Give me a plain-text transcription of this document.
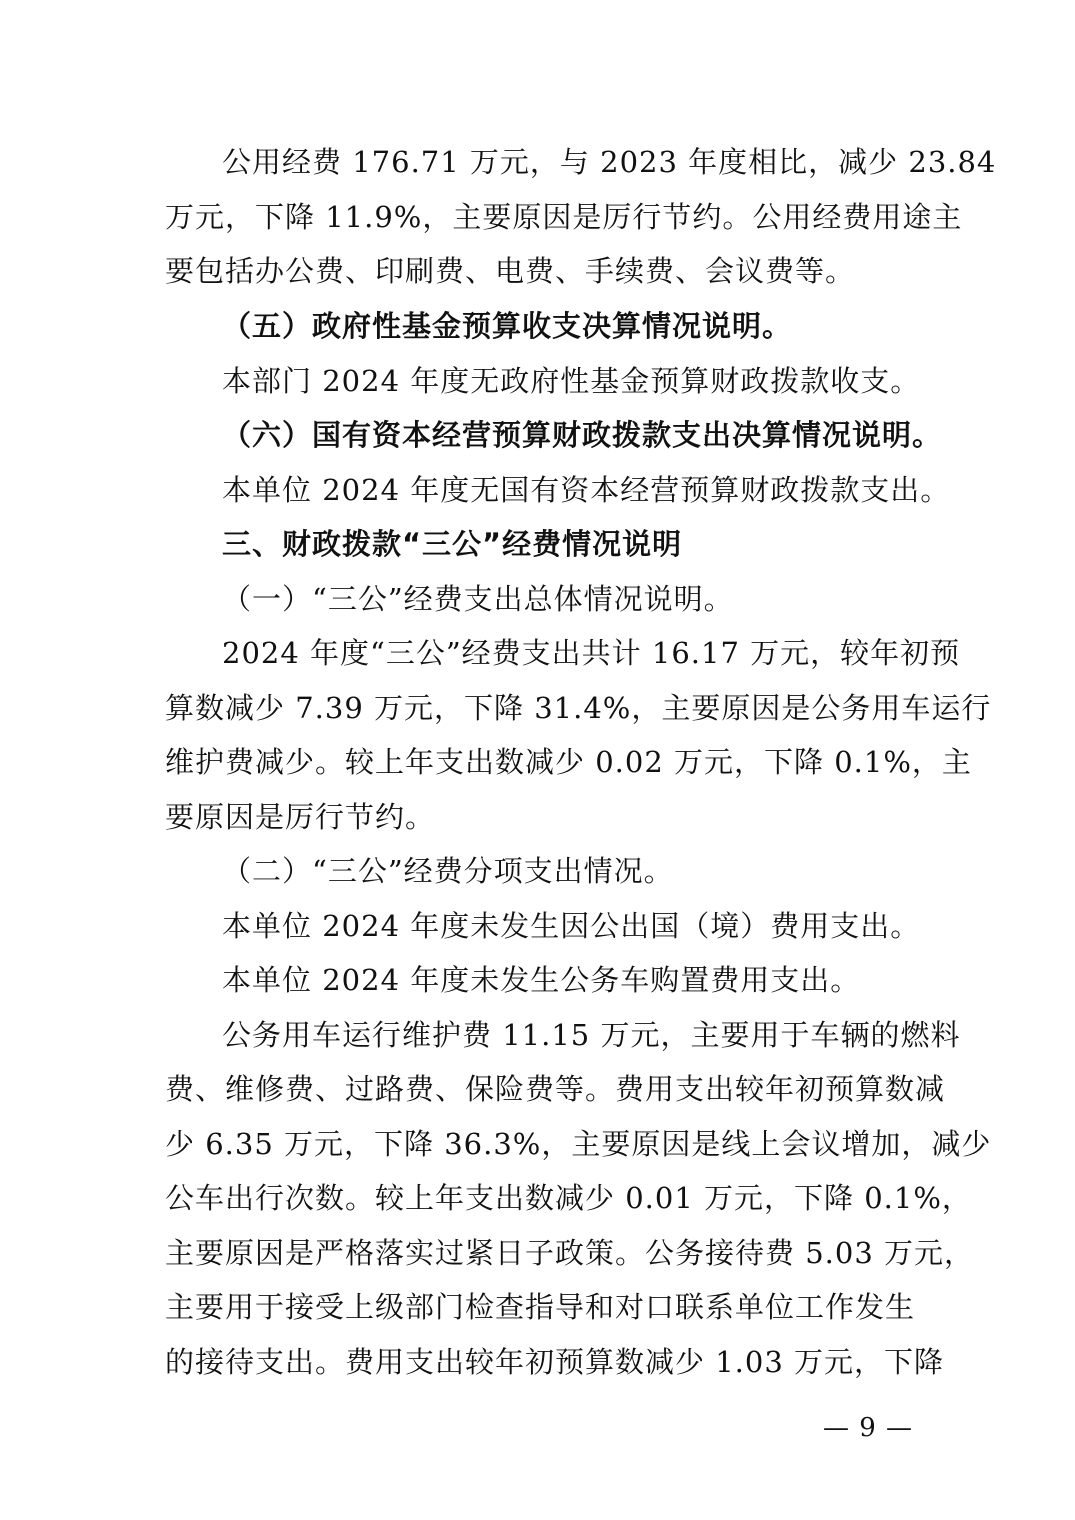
公用经费 176.71 万元，与 2023 年度相比，减少 23.84
万元，下降 11.9%，主要原因是厉行节约。公用经费用途主
要包括办公费、印刷费、电费、手续费、会议费等。
（五）政府性基金预算收支决算情况说明。
本部门 2024 年度无政府性基金预算财政拨款收支。
（六）国有资本经营预算财政拨款支出决算情况说明。
本单位 2024 年度无国有资本经营预算财政拨款支出。
三、财政拨款“三公”经费情况说明
（一）“三公”经费支出总体情况说明。
2024 年度“三公”经费支出共计 16.17 万元，较年初预
算数减少 7.39 万元，下降 31.4%，主要原因是公务用车运行
维护费减少。较上年支出数减少 0.02 万元，下降 0.1%，主
要原因是厉行节约。
（二）“三公”经费分项支出情况。
本单位 2024 年度未发生因公出国（境）费用支出。
本单位 2024 年度未发生公务车购置费用支出。
公务用车运行维护费 11.15 万元，主要用于车辆的燃料
费、维修费、过路费、保险费等。费用支出较年初预算数减
少 6.35 万元，下降 36.3%，主要原因是线上会议增加，减少
公车出行次数。较上年支出数减少 0.01 万元，下降 0.1%，
主要原因是严格落实过紧日子政策。公务接待费 5.03 万元，
主要用于接受上级部门检查指导和对口联系单位工作发生
的接待支出。费用支出较年初预算数减少 1.03 万元，下降
— 9 —
